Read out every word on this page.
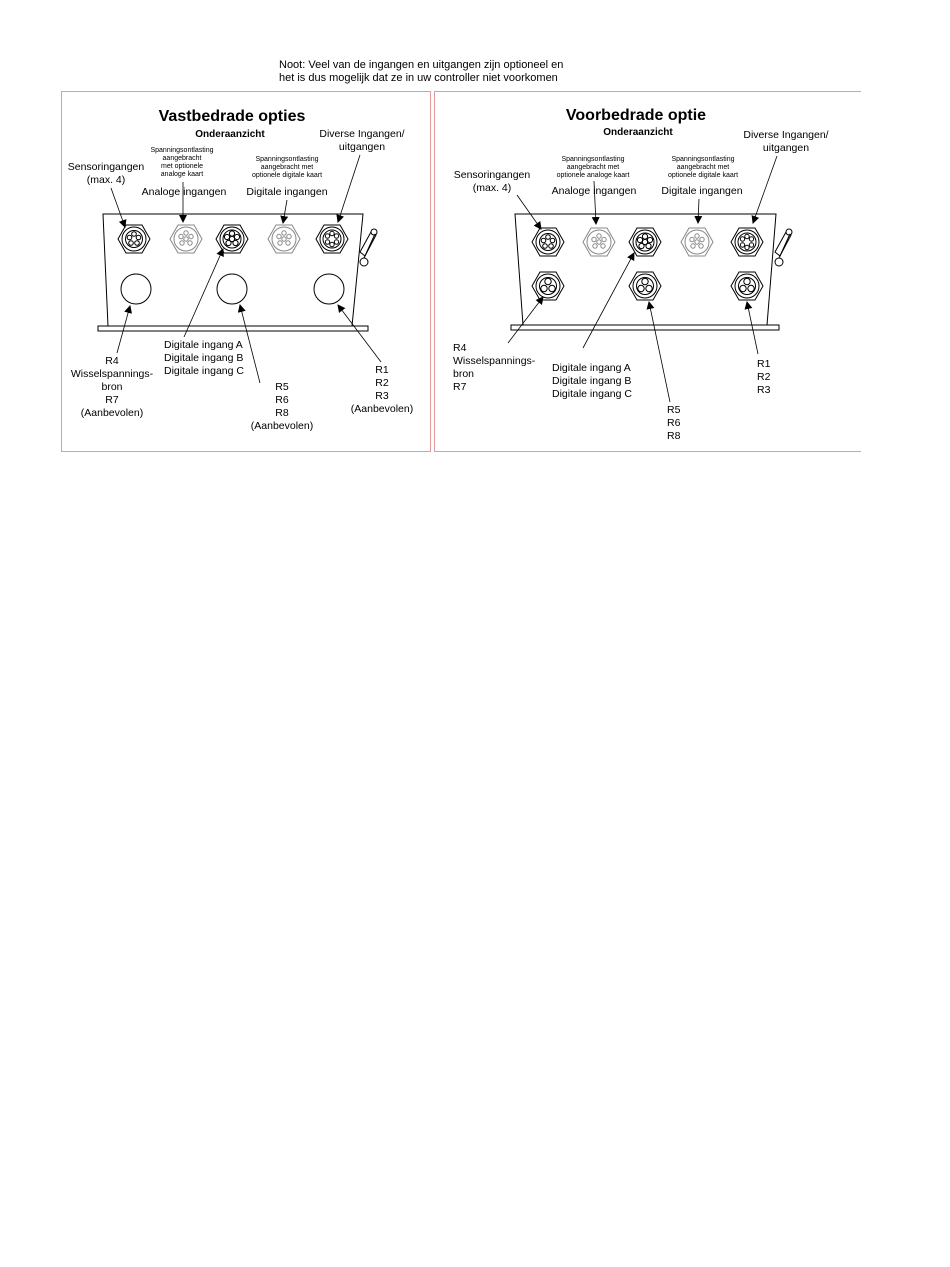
Noot: Veel van de ingangen en uitgangen zijn optioneel en
het is dus mogelijk dat ze in uw controller niet voorkomen
Vastbedrade opties
Onderaanzicht
Sensoringangen
(max. 4)
Diverse Ingangen/
uitgangen
Spanningsontlasting
aangebracht
met optionele
analoge kaart
Spanningsontlasting
aangebracht met
optionele digitale kaart
Analoge ingangen Digitale ingangen
R4
Wisselspannings-
bron
R7
(Aanbevolen)
R5
R6
R8
(Aanbevolen)
R1
R2
R3
(Aanbevolen)
Digitale ingang A
Digitale ingang B
Digitale ingang C
Voorbedrade optie
Onderaanzicht
Sensoringangen
(max. 4)
Diverse Ingangen/
uitgangen
Spanningsontlasting
aangebracht met
optionele analoge kaart
Spanningsontlasting
aangebracht met
optionele digitale kaart
Analoge ingangen Digitale ingangen
R4
Wisselspannings-
bron
R7
Digitale ingang A
Digitale ingang B
Digitale ingang C
R5
R6
R8
R1
R2
R3
